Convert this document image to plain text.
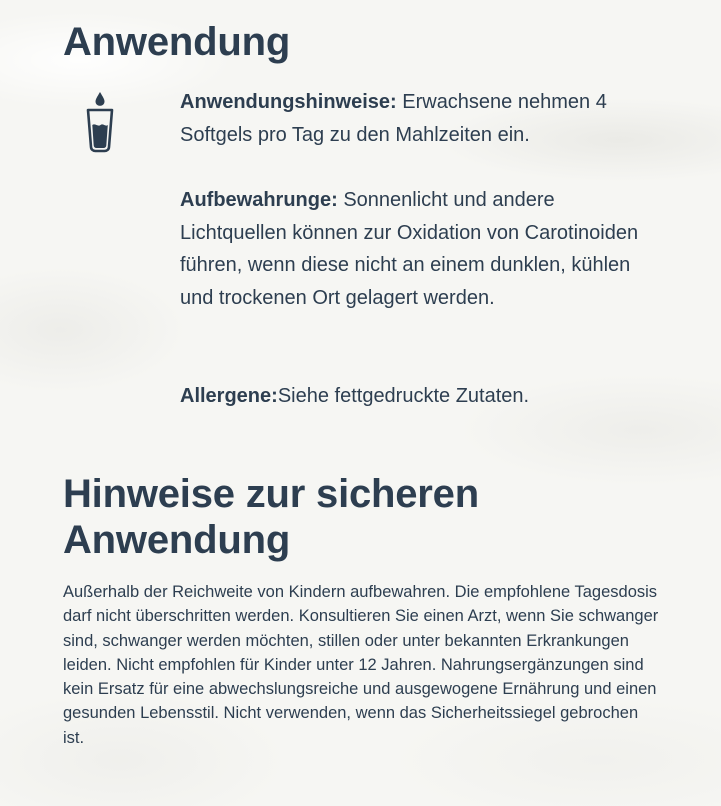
Anwendung
Anwendungshinweise: Erwachsene nehmen 4 Softgels pro Tag zu den Mahlzeiten ein.
Aufbewahrunge: Sonnenlicht und andere Lichtquellen können zur Oxidation von Carotinoiden führen, wenn diese nicht an einem dunklen, kühlen und trockenen Ort gelagert werden.
Allergene:Siehe fettgedruckte Zutaten.
Hinweise zur sicheren Anwendung

Außerhalb der Reichweite von Kindern aufbewahren. Die empfohlene Tagesdosis darf nicht überschritten werden. Konsultieren Sie einen Arzt, wenn Sie schwanger sind, schwanger werden möchten, stillen oder unter bekannten Erkrankungen leiden. Nicht empfohlen für Kinder unter 12 Jahren. Nahrungsergänzungen sind kein Ersatz für eine abwechslungsreiche und ausgewogene Ernährung und einen gesunden Lebensstil. Nicht verwenden, wenn das Sicherheitssiegel gebrochen ist.
